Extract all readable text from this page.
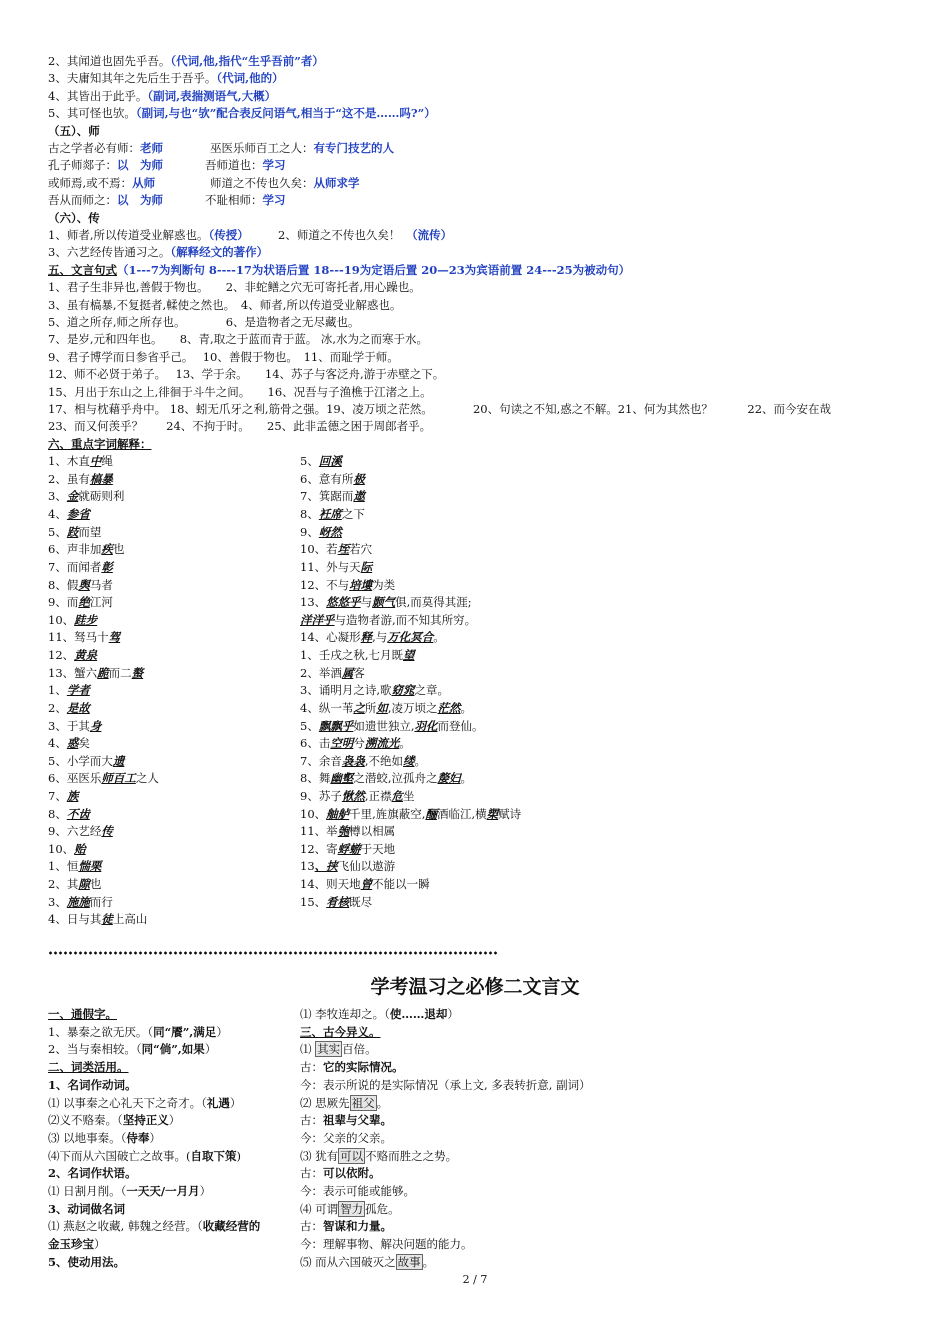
2、其闻道也固先乎吾。（代词,他,指代“生乎吾前”者）
3、夫庸知其年之先后生于吾乎。（代词,他的）
4、其皆出于此乎。（副词,表揣测语气,大概）
5、其可怪也欤。（副词,与也“欤”配合表反问语气,相当于“这不是……吗?”）
（五）、师
古之学者必有师：老师	巫医乐师百工之人：有专门技艺的人
孔子师郯子：以　为师	吾师道也：学习
或师焉,或不焉：从师	师道之不传也久矣：从师求学
吾从而师之：以　为师	不耻相师：学习
（六）、传
1、师者,所以传道受业解惑也。（传授）	2、师道之不传也久矣！　（流传）
3、六艺经传皆通习之。（解释经文的著作）
五、文言句式（1---7为判断句 8----17为状语后置 18---19为定语后置 20—23为宾语前置 24---25为被动句）
1、君子生非异也,善假于物也。　　2、非蛇鳝之穴无可寄托者,用心躁也。
3、虽有槁暴,不复挺者,輮使之然也。　4、师者,所以传道受业解惑也。
5、道之所存,师之所存也。　　　　6、是造物者之无尽藏也。
7、是岁,元和四年也。　　8、青,取之于蓝而青于蓝。 冰,水为之而寒于水。
9、君子博学而日参省乎己。　 10、善假于物也。　11、而耻学于师。
12、师不必贤于弟子。　 13、学于余。　　14、苏子与客泛舟,游于赤壁之下。
15、月出于东山之上,徘徊于斗牛之间。　　16、况吾与子渔樵于江渚之上。
17、相与枕藉乎舟中。 18、蚓无爪牙之利,筋骨之强。19、凌万顷之茫然。　　　　20、句读之不知,惑之不解。21、何为其然也？　　　22、而今安在哉
23、而又何羡乎？　　24、不拘于时。　　25、此非孟德之困于周郎者乎。
六、重点字词解释：
1、木直中绳
2、虽有槁暴
3、金就砺则利
4、参省
5、跂而望
6、声非加疾也
7、而闻者彰
8、假舆马者
9、而绝江河
10、跬步
11、驽马十驾
12、黄泉
13、蟹六跪而二螯
1、学者
2、是故
3、于其身
4、惑矣
5、小学而大遗
6、巫医乐师百工之人
7、族
8、不齿
9、六艺经传
10、贻
1、恒惴栗
2、其隙也
3、施施而行
4、日与其徒上高山
5、回溪
6、意有所极
7、箕踞而遨
8、衽席之下
9、岈然
10、若垤若穴
11、外与天际
12、不与培塿为类
13、悠悠乎与颢气俱,而莫得其涯;
洋洋乎与造物者游,而不知其所穷。
14、心凝形释,与万化冥合。
1、壬戌之秋,七月既望
2、举酒属客
3、诵明月之诗,歌窈窕之章。
4、纵一苇之所如,凌万顷之茫然。
5、飘飘乎如遗世独立,羽化而登仙。
6、击空明兮溯流光。
7、余音袅袅,不绝如缕。
8、舞幽壑之潜蛟,泣孤舟之嫠妇。
9、苏子愀然,正襟危坐
10、舳舻千里,旌旗蔽空,酾酒临江,横槊赋诗
11、举匏樽以相属
12、寄蜉蝣于天地
13、挟飞仙以遨游
14、则天地曾不能以一瞬
15、肴核既尽
学考温习之必修二文言文
一、通假字。
1、暴秦之欲无厌。（同“餍”,满足）
2、当与秦相较。（同“倘”,如果）
二、词类活用。
1、名词作动词。
⑴ 以事秦之心礼天下之奇才。（礼遇）
⑵义不赂秦。（坚持正义）
⑶ 以地事秦。（侍奉）
⑷下而从六国破亡之故事。(自取下策)
2、名词作状语。
⑴ 日割月削。（一天天/一月月）
3、动词做名词
⑴ 燕赵之收藏, 韩魏之经营。（收藏经营的
金玉珍宝）
5、使动用法。
⑴ 李牧连却之。（使……退却）
三、古今异义。
⑴ 其实 百倍。
古：它的实际情况。
今：表示所说的是实际情况（承上文, 多表转折意, 副词）
⑵ 思厥先 祖父 。
古：祖辈与父辈。
今：父亲的父亲。
⑶ 犹有 可以 不赂而胜之之势。
古：可以依附。
今：表示可能或能够。
⑷ 可谓 智力 孤危。
古：智谋和力量。
今：理解事物、解决问题的能力。
⑸ 而从六国破灭之 故事 。
2 / 7
